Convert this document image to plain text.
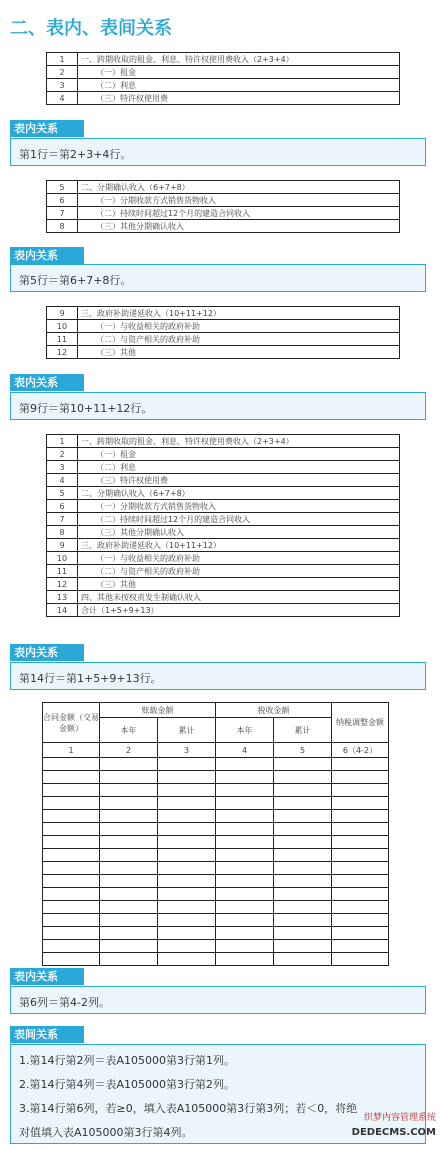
二、表内、表间关系
1	一、跨期收取的租金、利息、特许权使用费收入（2+3+4）
2	（一）租金
3	（二）利息
4	（三）特许权使用费
表内关系
第1行＝第2+3+4行。
5	二、分期确认收入（6+7+8）
6	（一）分期收款方式销售货物收入
7	（二）持续时间超过12个月的建造合同收入
8	（三）其他分期确认收入
表内关系
第5行＝第6+7+8行。
9	三、政府补助递延收入（10+11+12）
10	（一）与收益相关的政府补助
11	（二）与资产相关的政府补助
12	（三）其他
表内关系
第9行＝第10+11+12行。
1	一、跨期收取的租金、利息、特许权使用费收入（2+3+4）
2	（一）租金
3	（二）利息
4	（三）特许权使用费
5	二、分期确认收入（6+7+8）
6	（一）分期收款方式销售货物收入
7	（二）持续时间超过12个月的建造合同收入
8	（三）其他分期确认收入
9	三、政府补助递延收入（10+11+12）
10	（一）与收益相关的政府补助
11	（二）与资产相关的政府补助
12	（三）其他
13	四、其他未按权责发生制确认收入
14	合计（1+5+9+13）
表内关系
第14行＝第1+5+9+13行。
合同金额（交易金额）	账载金额		税收金额		纳税调整金额
	本年	累计	本年	累计	
1	2	3	4	5	6（4-2）

表内关系
第6列＝第4-2列。
表间关系
1.第14行第2列＝表A105000第3行第1列。
2.第14行第4列＝表A105000第3行第2列。
3.第14行第6列，若≥0，填入表A105000第3行第3列；若＜0，将绝
对值填入表A105000第3行第4列。
织梦内容管理系统
DEDECMS.COM
